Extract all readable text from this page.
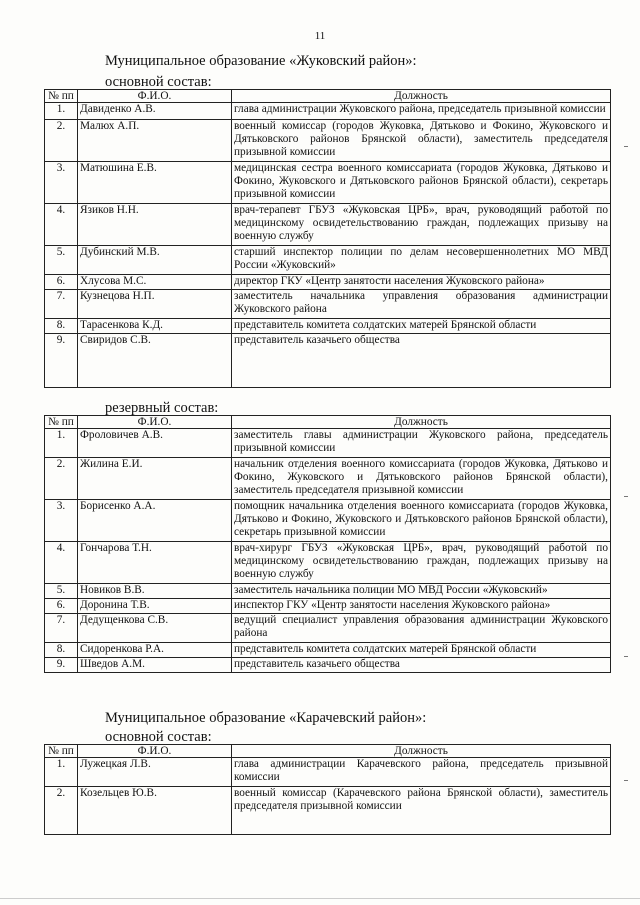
11
Муниципальное образование «Жуковский район»:
основной состав:
№ пп	Ф.И.О.	Должность
1.	Давиденко А.В.	глава администрации Жуковского района, председатель призывной комиссии
2.	Малюх А.П.	военный комиссар (городов Жуковка, Дятьково и Фокино, Жуковского и Дятьковского районов Брянской области), заместитель председателя призывной комиссии
3.	Матюшина Е.В.	медицинская сестра военного комиссариата (городов Жуковка, Дятьково и Фокино, Жуковского и Дятьковского районов Брянской области), секретарь призывной комиссии
4.	Язиков Н.Н.	врач-терапевт ГБУЗ «Жуковская ЦРБ», врач, руководящий работой по медицинскому освидетельствованию граждан, подлежащих призыву на военную службу
5.	Дубинский М.В.	старший инспектор полиции по делам несовершеннолетних МО МВД России «Жуковский»
6.	Хлусова М.С.	директор ГКУ «Центр занятости населения Жуковского района»
7.	Кузнецова Н.П.	заместитель начальника управления образования администрации Жуковского района
8.	Тарасенкова К.Д.	представитель комитета солдатских матерей Брянской области
9.	Свиридов С.В.	представитель казачьего общества
резервный состав:
№ пп	Ф.И.О.	Должность
1.	Фроловичев А.В.	заместитель главы администрации Жуковского района, председатель призывной комиссии
2.	Жилина Е.И.	начальник отделения военного комиссариата (городов Жуковка, Дятьково и Фокино, Жуковского и Дятьковского районов Брянской области), заместитель председателя призывной комиссии
3.	Борисенко А.А.	помощник начальника отделения военного комиссариата (городов Жуковка, Дятьково и Фокино, Жуковского и Дятьковского районов Брянской области), секретарь призывной комиссии
4.	Гончарова Т.Н.	врач-хирург ГБУЗ «Жуковская ЦРБ», врач, руководящий работой по медицинскому освидетельствованию граждан, подлежащих призыву на военную службу
5.	Новиков В.В.	заместитель начальника полиции МО МВД России «Жуковский»
6.	Доронина Т.В.	инспектор ГКУ «Центр занятости населения Жуковского района»
7.	Дедущенкова С.В.	ведущий специалист управления образования администрации Жуковского района
8.	Сидоренкова Р.А.	представитель комитета солдатских матерей Брянской области
9.	Шведов А.М.	представитель казачьего общества
Муниципальное образование «Карачевский район»:
основной состав:
№ пп	Ф.И.О.	Должность
1.	Лужецкая Л.В.	глава администрации Карачевского района, председатель призывной комиссии
2.	Козельцев Ю.В.	военный комиссар (Карачевского района Брянской области), заместитель председателя призывной комиссии
